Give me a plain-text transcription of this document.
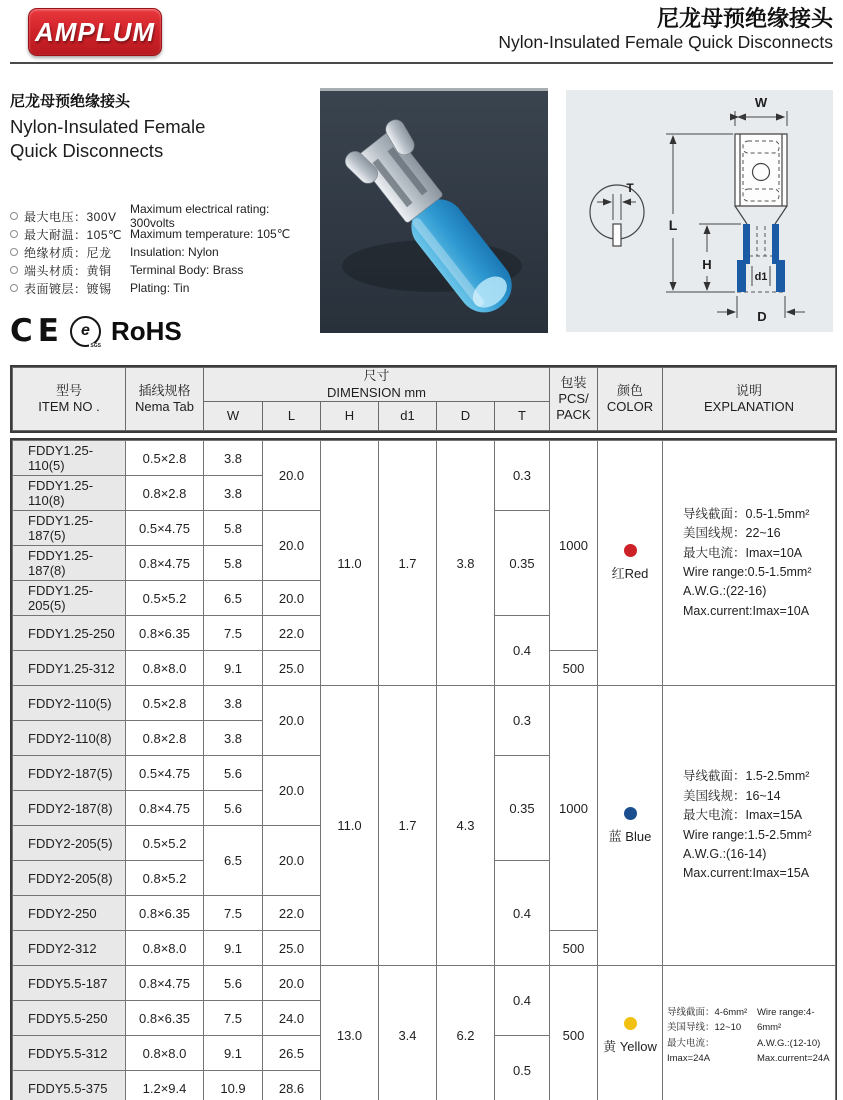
AMPLUM	尼龙母预绝缘接头
Nylon-Insulated Female Quick Disconnects
尼龙母预绝缘接头
Nylon-Insulated Female
Quick Disconnects
最大电压：300V
Maximum electrical rating: 300volts
最大耐温：105℃ Maximum temperature: 105℃
绝缘材质：尼龙	Insulation: Nylon
端头材质：黄铜	Terminal Body: Brass
表面镀层：镀锡	Plating: Tin
CE e
SGS RoHS
W
L
H
d1
D
T
型号
ITEM NO .

插线规格
Nema Tab

尺寸
DIMENSION mm

包装
PCS/
PACK

颜色
COLOR

说明
EXPLANATION

		W	L	H	d1	D	T			
FDDY1.25-110(5)	0.5×2.8	3.8	20.0	11.0	1.7	3.8	0.3	1000	
红Red

导线截面：0.5-1.5mm²
美国线规：22~16
最大电流：Imax=10A
Wire range:0.5-1.5mm²
A.W.G.:(22-16)
Max.current:Imax=10A

FDDY1.25-110(8)	0.8×2.8	3.8								
FDDY1.25-187(5)	0.5×4.75	5.8	20.0				0.35			
FDDY1.25-187(8)	0.8×4.75	5.8								
FDDY1.25-205(5)	0.5×5.2	6.5	20.0							
FDDY1.25-250	0.8×6.35	7.5	22.0				0.4			
FDDY1.25-312	0.8×8.0	9.1	25.0					500		
FDDY2-110(5)	0.5×2.8	3.8	20.0	11.0	1.7	4.3	0.3	1000	
蓝 Blue

导线截面：1.5-2.5mm²
美国线规：16~14
最大电流：Imax=15A
Wire range:1.5-2.5mm²
A.W.G.:(16-14)
Max.current:Imax=15A

FDDY2-110(8)	0.8×2.8	3.8								
FDDY2-187(5)	0.5×4.75	5.6	20.0				0.35			
FDDY2-187(8)	0.8×4.75	5.6								
FDDY2-205(5)	0.5×5.2	6.5	20.0							
FDDY2-205(8)	0.8×5.2						0.4			
FDDY2-250	0.8×6.35	7.5	22.0							
FDDY2-312	0.8×8.0	9.1	25.0					500		
FDDY5.5-187	0.8×4.75	5.6	20.0	13.0	3.4	6.2	0.4	500	
黄 Yellow

导线截面：4-6mm²
美国导线：12~10
最大电流：Imax=24A
Wire range:4-6mm²
A.W.G.:(12-10)
Max.current=24A

FDDY5.5-250	0.8×6.35	7.5	24.0							
FDDY5.5-312	0.8×8.0	9.1	26.5				0.5			
FDDY5.5-375	1.2×9.4	10.9	28.6							
